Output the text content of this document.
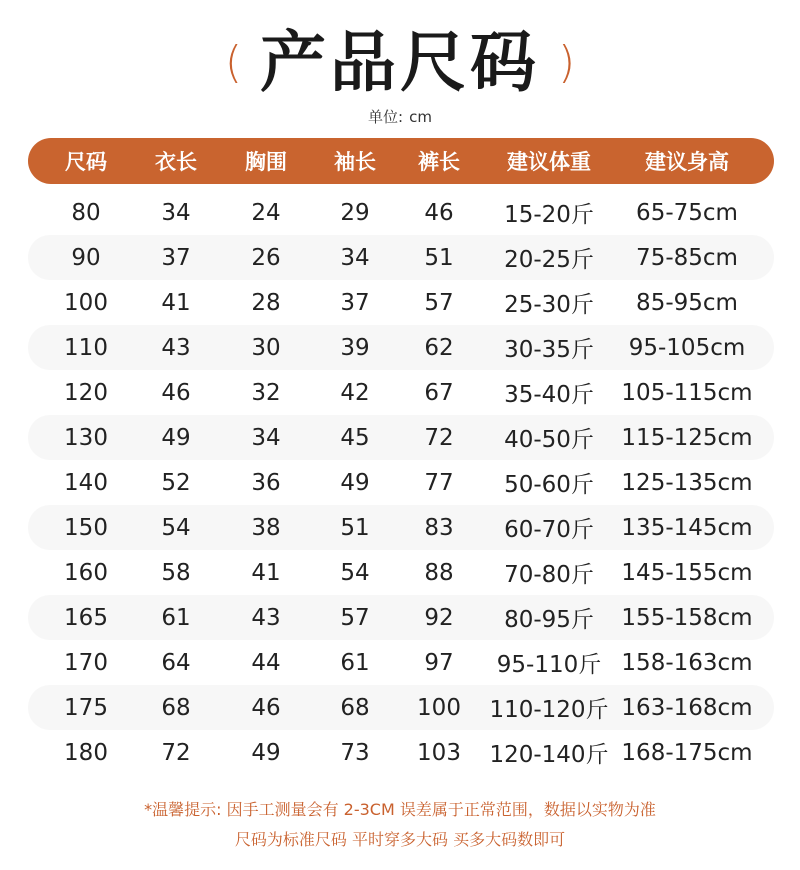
( 产品尺码 )
单位: cm
尺码 衣长 胸围 袖长 裤长 建议体重	建议身高
80	34	24	29 46 15-20斤 65-75cm
90	37	26	34 51 20-25斤 75-85cm
100 41	28	37 57 25-30斤 85-95cm
110 43	30	39 62 30-35斤 95-105cm
120 46	32	42 67 35-40斤 105-115cm
130 49	34	45 72 40-50斤 115-125cm
140 52	36	49 77 50-60斤 125-135cm
150 54	38	51 83 60-70斤 135-145cm
160 58	41	54 88 70-80斤 145-155cm
165 61	43	57 92 80-95斤 155-158cm
170 64	44	61 97 95-110斤 158-163cm
175 68	46	68 100 110-120斤 163-168cm
180 72	49	73 103 120-140斤 168-175cm
*温馨提示: 因手工测量会有 2-3CM 误差属于正常范围，数据以实物为准
尺码为标准尺码 平时穿多大码 买多大码数即可
